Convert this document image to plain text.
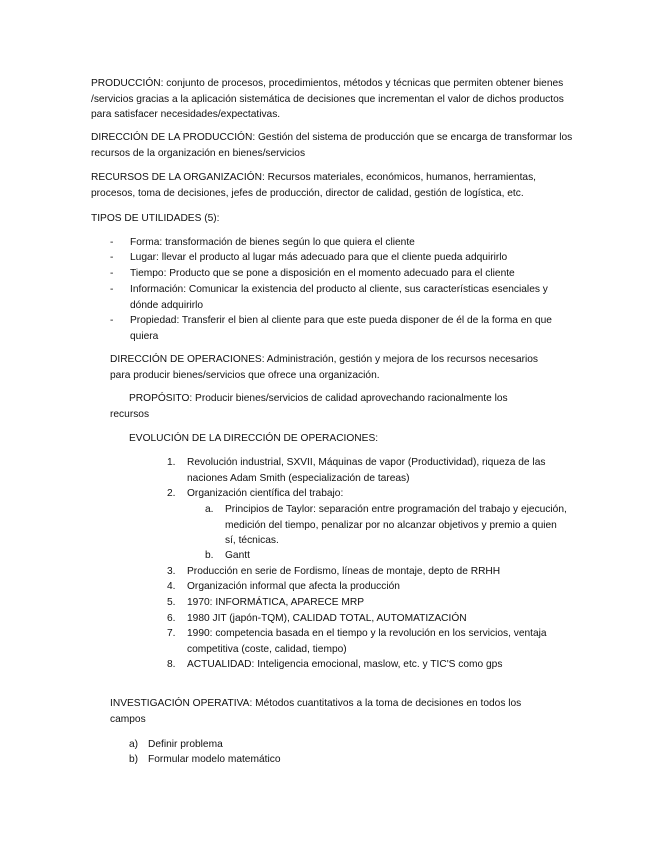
PRODUCCIÓN: conjunto de procesos, procedimientos, métodos y técnicas que permiten obtener bienes /servicios gracias a la aplicación sistemática de decisiones que incrementan el valor de dichos productos para satisfacer necesidades/expectativas.

DIRECCIÓN DE LA PRODUCCIÓN: Gestión del sistema de producción que se encarga de transformar los recursos de la organización en bienes/servicios

RECURSOS DE LA ORGANIZACIÓN: Recursos materiales, económicos, humanos, herramientas, procesos, toma de decisiones, jefes de producción, director de calidad, gestión de logística, etc.

TIPOS DE UTILIDADES (5):

-	Forma: transformación de bienes según lo que quiera el cliente
-	Lugar: llevar el producto al lugar más adecuado para que el cliente pueda adquirirlo
-	Tiempo: Producto que se pone a disposición en el momento adecuado para el cliente
-	Información: Comunicar la existencia del producto al cliente, sus características esenciales y dónde adquirirlo
-	Propiedad: Transferir el bien al cliente para que este pueda disponer de él de la forma en que quiera

DIRECCIÓN DE OPERACIONES: Administración, gestión y mejora de los recursos necesarios para producir bienes/servicios que ofrece una organización.

PROPÓSITO: Producir bienes/servicios de calidad aprovechando racionalmente los recursos

EVOLUCIÓN DE LA DIRECCIÓN DE OPERACIONES:

1.	Revolución industrial, SXVII, Máquinas de vapor (Productividad), riqueza de las naciones Adam Smith (especialización de tareas)
2.	Organización científica del trabajo:
a.	Principios de Taylor: separación entre programación del trabajo y ejecución, medición del tiempo, penalizar por no alcanzar objetivos y premio a quien sí, técnicas.
b.	Gantt
3.	Producción en serie de Fordismo, líneas de montaje, depto de RRHH
4.	Organización informal que afecta la producción
5.	1970: INFORMÁTICA, APARECE MRP
6.	1980 JIT (japón-TQM), CALIDAD TOTAL, AUTOMATIZACIÓN
7.	1990: competencia basada en el tiempo y la revolución en los servicios, ventaja competitiva (coste, calidad, tiempo)
8.	ACTUALIDAD: Inteligencia emocional, maslow, etc. y TIC'S como gps

INVESTIGACIÓN OPERATIVA: Métodos cuantitativos a la toma de decisiones en todos los campos

a) Definir problema
b) Formular modelo matemático
